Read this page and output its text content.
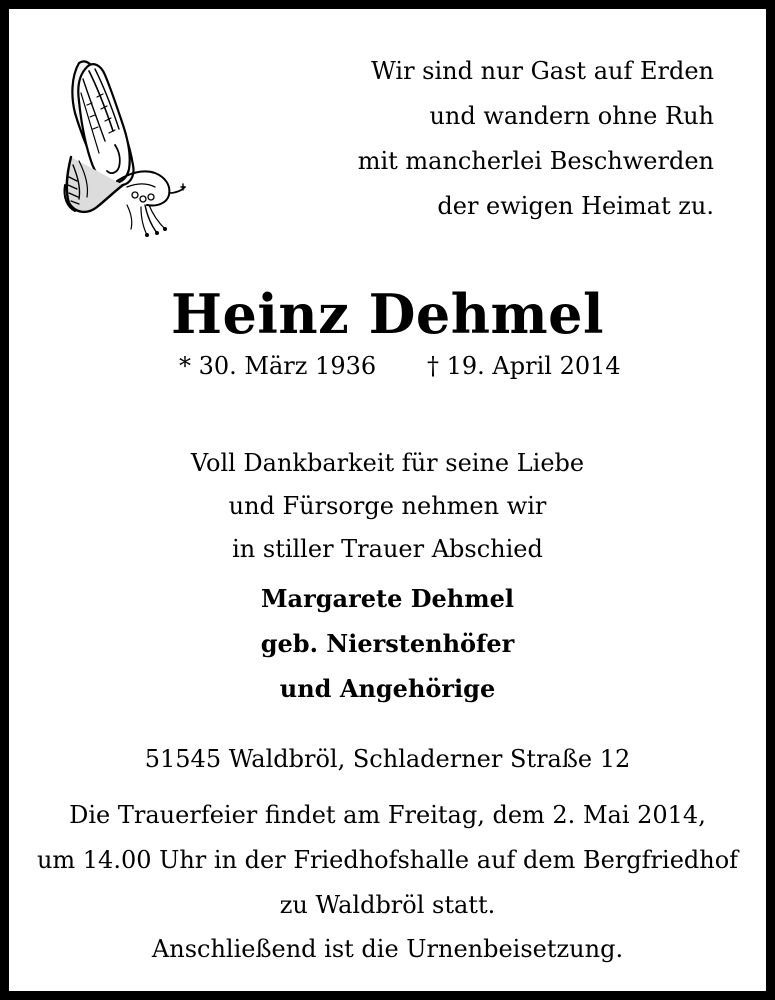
Wir sind nur Gast auf Erden
und wandern ohne Ruh
mit mancherlei Beschwerden
der ewigen Heimat zu.
Heinz Dehmel
* 30. März 1936 † 19. April 2014
Voll Dankbarkeit für seine Liebe
und Fürsorge nehmen wir
in stiller Trauer Abschied
Margarete Dehmel
geb. Nierstenhöfer
und Angehörige
51545 Waldbröl, Schladerner Straße 12
Die Trauerfeier findet am Freitag, dem 2. Mai 2014,
um 14.00 Uhr in der Friedhofshalle auf dem Bergfriedhof
zu Waldbröl statt.
Anschließend ist die Urnenbeisetzung.
